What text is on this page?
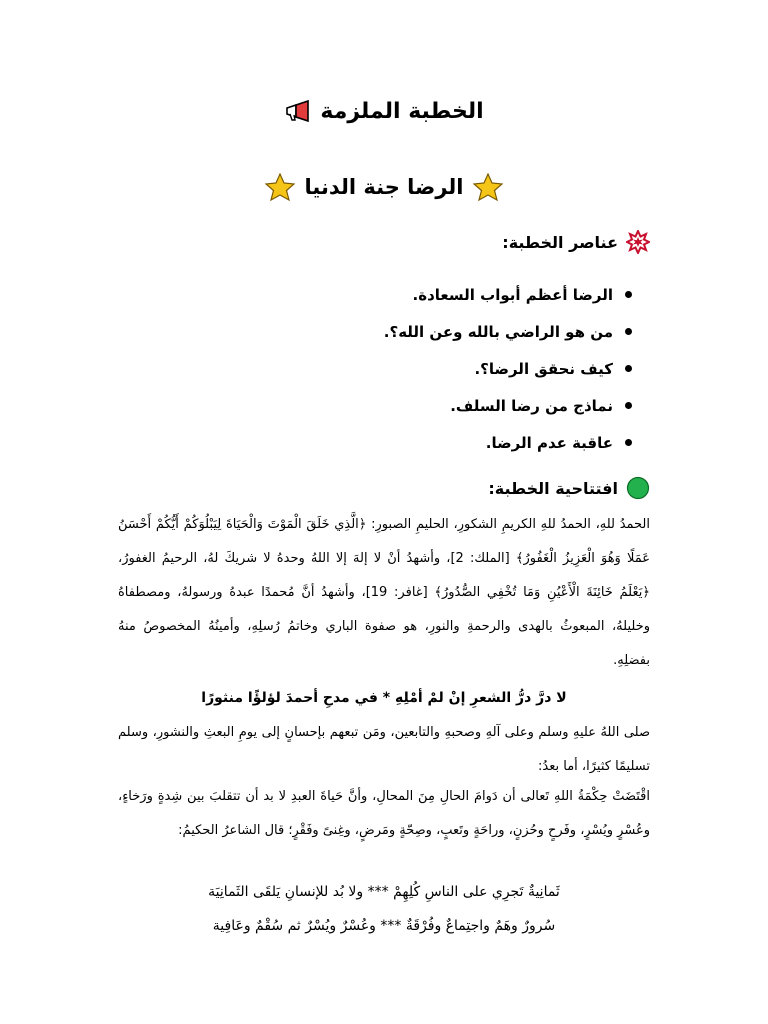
الخطبة الملزمة
الرضا جنة الدنيا
عناصر الخطبة:
الرضا أعظم أبواب السعادة.
من هو الراضي بالله وعن الله؟.
كيف نحقق الرضا؟.
نماذج من رضا السلف.
عاقبة عدم الرضا.
افتتاحية الخطبة:

الحمدُ للهِ، الحمدُ للهِ الكريمِ الشكورِ، الحليمِ الصبورِ: ﴿الَّذِي خَلَقَ الْمَوْتَ وَالْحَيَاةَ لِيَبْلُوَكُمْ أَيُّكُمْ أَحْسَنُ عَمَلًا وَهُوَ الْعَزِيزُ الْغَفُورُ﴾ [الملك: 2]، وأشهدُ أنْ لا إلهَ إلا اللهُ وحدهُ لا شريكَ لهُ، الرحيمُ الغفورُ، ﴿يَعْلَمُ خَائِنَةَ الْأَعْيُنِ وَمَا تُخْفِي الصُّدُورُ﴾ [غافر: 19]، وأشهدُ أنَّ مُحمدًا عبدهُ ورسولهُ، ومصطفاهُ وخليلهُ، المبعوثُ بالهدى والرحمةِ والنورِ، هو صفوة الباري وخاتمُ رُسلِهِ، وأمينُهُ المخصوصُ منهُ بفضلِهِ.

لا درَّ درُّ الشعرِ إنْ لمْ أمْلِهِ * في مدحِ أحمدَ لؤلؤًا منثورًا

صلى اللهُ عليهِ وسلم وعلى آلهِ وصحبهِ والتابعين، ومَن تبعهم بإحسانٍ إلى يومِ البعثِ والنشورِ، وسلم تسليمًا كثيرًا، أما بعدُ:

اقْتَضَتْ حِكْمَةُ اللهِ تَعالى أن دَوامَ الحالِ مِنَ المحالِ، وأنَّ حَياةَ العبدِ لا بد أن تتقلبَ بين شِدةٍ ورَخاءٍ، وعُسْرٍ ويُسْرٍ، وفَرحٍ وحُزنٍ، وراحَةٍ وتَعبٍ، وصِحّةٍ ومَرضٍ، وغِنىً وفَقْرٍ؛ قال الشاعرُ الحكيمُ:

ثَمانِيةٌ تَجرِي على الناسِ كُلِهِمْ *** ولا بُد للإنسانِ يَلقَى الثَمانِيَة
سُرورٌ وهَمٌ واجتِماعٌ وفُرْقَةٌ *** وعُسْرٌ ويُسْرٌ ثم سُقْمٌ وعَافِية
